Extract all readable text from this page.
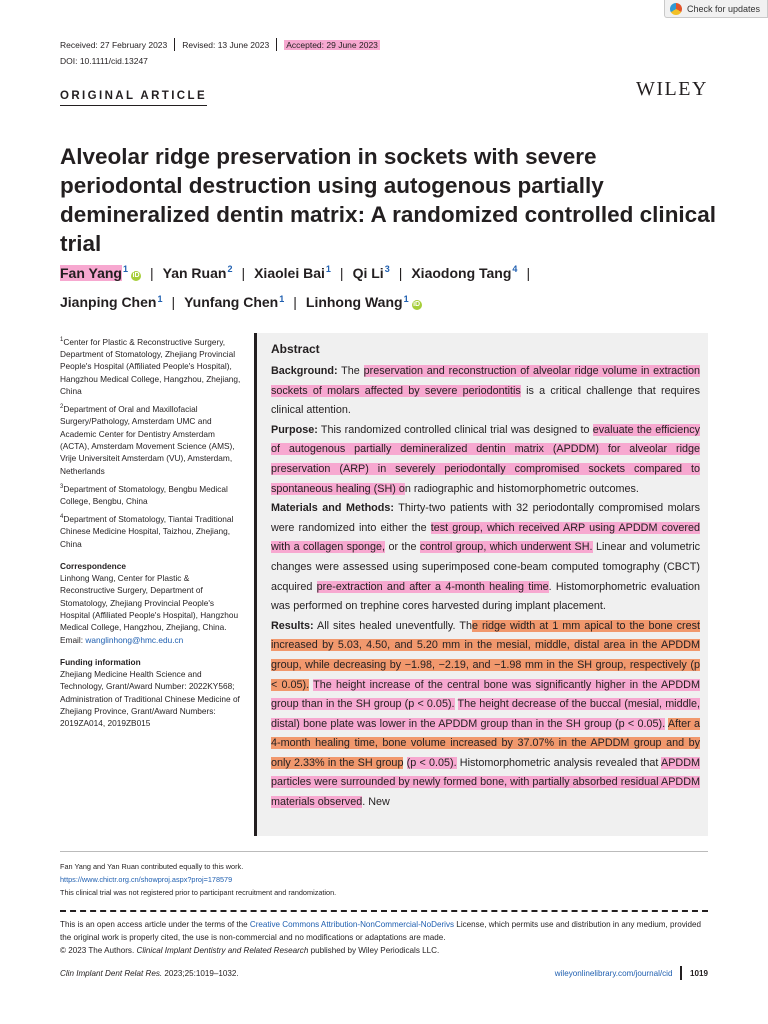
Check for updates
Received: 27 February 2023 Revised: 13 June 2023 Accepted: 29 June 2023
DOI: 10.1111/cid.13247
ORIGINAL ARTICLE	WILEY
Alveolar ridge preservation in sockets with severe periodontal destruction using autogenous partially demineralized dentin matrix: A randomized controlled clinical trial
Fan Yang$^1$iD | Yan Ruan$^2$ | Xiaolei Bai$^1$ | Qi Li$^3$ | Xiaodong Tang$^4$ |
Jianping Chen$^1$ | Yunfang Chen$^1$ | Linhong Wang$^1$iD
$^1$Center for Plastic & Reconstructive Surgery, Department of Stomatology, Zhejiang Provincial People's Hospital (Affiliated People's Hospital), Hangzhou Medical College, Hangzhou, Zhejiang, China
$^2$Department of Oral and Maxillofacial Surgery/Pathology, Amsterdam UMC and Academic Center for Dentistry Amsterdam (ACTA), Amsterdam Movement Science (AMS), Vrije Universiteit Amsterdam (VU), Amsterdam, Netherlands
$^3$Department of Stomatology, Bengbu Medical College, Bengbu, China
$^4$Department of Stomatology, Tiantai Traditional Chinese Medicine Hospital, Taizhou, Zhejiang, China
Correspondence
Linhong Wang, Center for Plastic & Reconstructive Surgery, Department of Stomatology, Zhejiang Provincial People's Hospital (Affiliated People's Hospital), Hangzhou Medical College, Hangzhou, Zhejiang, China.
Email: wanglinhong@hmc.edu.cn
Funding information
Zhejiang Medicine Health Science and Technology, Grant/Award Number: 2022KY568; Administration of Traditional Chinese Medicine of Zhejiang Province, Grant/Award Numbers: 2019ZA014, 2019ZB015
Abstract
Background: The preservation and reconstruction of alveolar ridge volume in extraction sockets of molars affected by severe periodontitis is a critical challenge that requires clinical attention.
Purpose: This randomized controlled clinical trial was designed to evaluate the efficiency of autogenous partially demineralized dentin matrix (APDDM) for alveolar ridge preservation (ARP) in severely periodontally compromised sockets compared to spontaneous healing (SH) on radiographic and histomorphometric outcomes.
Materials and Methods: Thirty-two patients with 32 periodontally compromised molars were randomized into either the test group, which received ARP using APDDM covered with a collagen sponge, or the control group, which underwent SH. Linear and volumetric changes were assessed using superimposed cone-beam computed tomography (CBCT) acquired pre-extraction and after a 4-month healing time. Histomorphometric evaluation was performed on trephine cores harvested during implant placement.
Results: All sites healed uneventfully. The ridge width at 1 mm apical to the bone crest increased by 5.03, 4.50, and 5.20 mm in the mesial, middle, distal area in the APDDM group, while decreasing by −1.98, −2.19, and −1.98 mm in the SH group, respectively (p < 0.05). The height increase of the central bone was significantly higher in the APDDM group than in the SH group (p < 0.05). The height decrease of the buccal (mesial, middle, distal) bone plate was lower in the APDDM group than in the SH group (p < 0.05). After a 4-month healing time, bone volume increased by 37.07% in the APDDM group and by only 2.33% in the SH group (p < 0.05). Histomorphometric analysis revealed that APDDM particles were surrounded by newly formed bone, with partially absorbed residual APDDM materials observed. New
Fan Yang and Yan Ruan contributed equally to this work.
https://www.chictr.org.cn/showproj.aspx?proj=178579
This clinical trial was not registered prior to participant recruitment and randomization.
This is an open access article under the terms of the Creative Commons Attribution-NonCommercial-NoDerivs License, which permits use and distribution in any medium, provided the original work is properly cited, the use is non-commercial and no modifications or adaptations are made.
© 2023 The Authors. Clinical Implant Dentistry and Related Research published by Wiley Periodicals LLC.
Clin Implant Dent Relat Res. 2023;25:1019–1032.	wileyonlinelibrary.com/journal/cid 1019
